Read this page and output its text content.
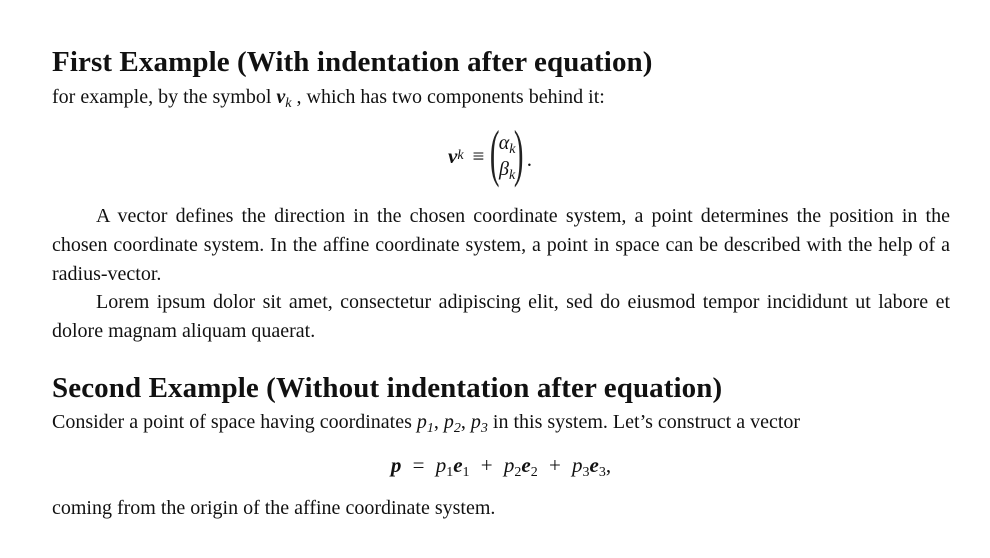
First Example (With indentation after equation)

for example, by the symbol $v_k$ , which has two components behind it:

v k ≡ (
$\alpha_k$
$\beta_k$ ) .

A vector defines the direction in the chosen coordinate system, a point determines the position in the chosen coordinate system. In the affine coordinate system, a point in space can be described with the help of a radius-vector.

Lorem ipsum dolor sit amet, consectetur adipiscing elit, sed do eiusmod tempor incididunt ut labore et dolore magnam aliquam quaerat.

Second Example (Without indentation after equation)

Consider a point of space having coordinates $p_1$, $p_2$, $p_3$ in this system. Let’s construct a vector

$p = p_1e_1 + p_2e_2 + p_3e_3$,

coming from the origin of the affine coordinate system.
